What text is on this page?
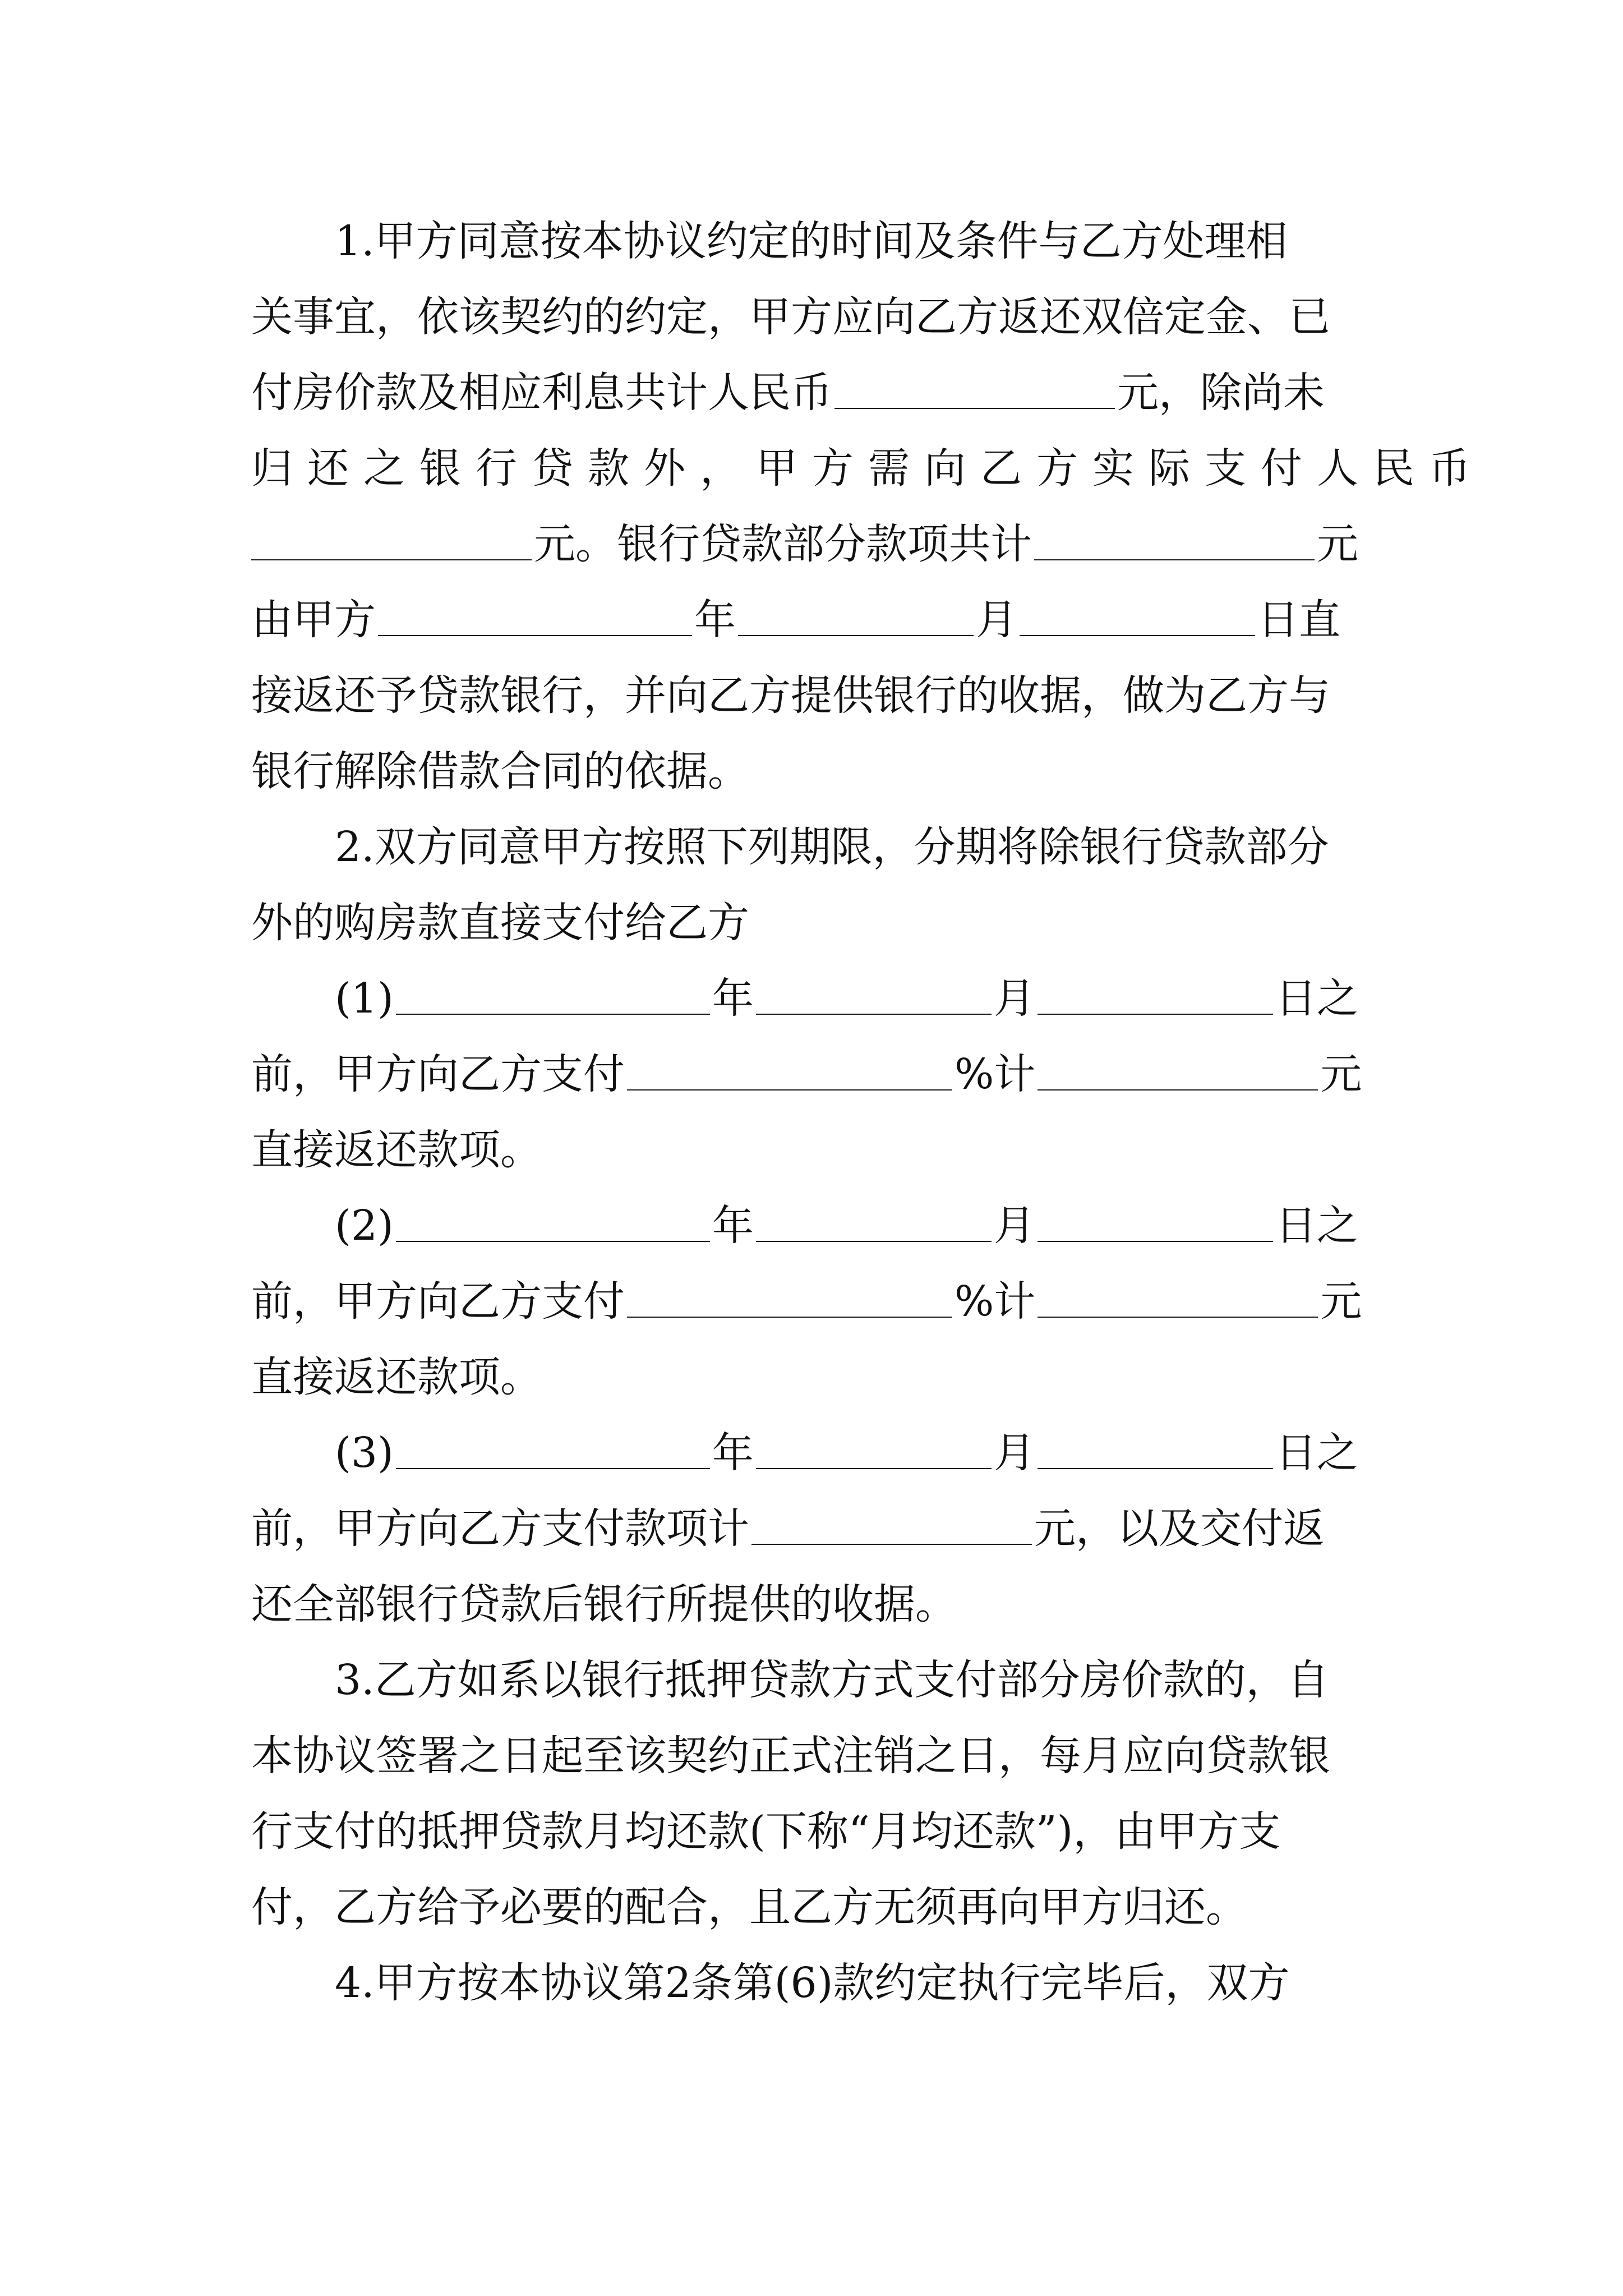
1.甲方同意按本协议约定的时间及条件与乙方处理相
关事宜，依该契约的约定，甲方应向乙方返还双倍定金、已
付房价款及相应利息共计人民币	元，除尚未
归还之银行贷款外，甲方需向乙方实际支付人民币
元。银行贷款部分款项共计	元
由甲方	年	月	日直
接返还予贷款银行，并向乙方提供银行的收据，做为乙方与
银行解除借款合同的依据。
2.双方同意甲方按照下列期限，分期将除银行贷款部分
外的购房款直接支付给乙方
(1)	年	月	日之
前，甲方向乙方支付	%计	元
直接返还款项。
(2)	年	月	日之
前，甲方向乙方支付	%计	元
直接返还款项。
(3)	年	月	日之
前，甲方向乙方支付款项计	元，以及交付返
还全部银行贷款后银行所提供的收据。
3.乙方如系以银行抵押贷款方式支付部分房价款的，自
本协议签署之日起至该契约正式注销之日，每月应向贷款银
行支付的抵押贷款月均还款(下称“月均还款”)，由甲方支
付，乙方给予必要的配合，且乙方无须再向甲方归还。
4.甲方按本协议第2条第(6)款约定执行完毕后，双方
